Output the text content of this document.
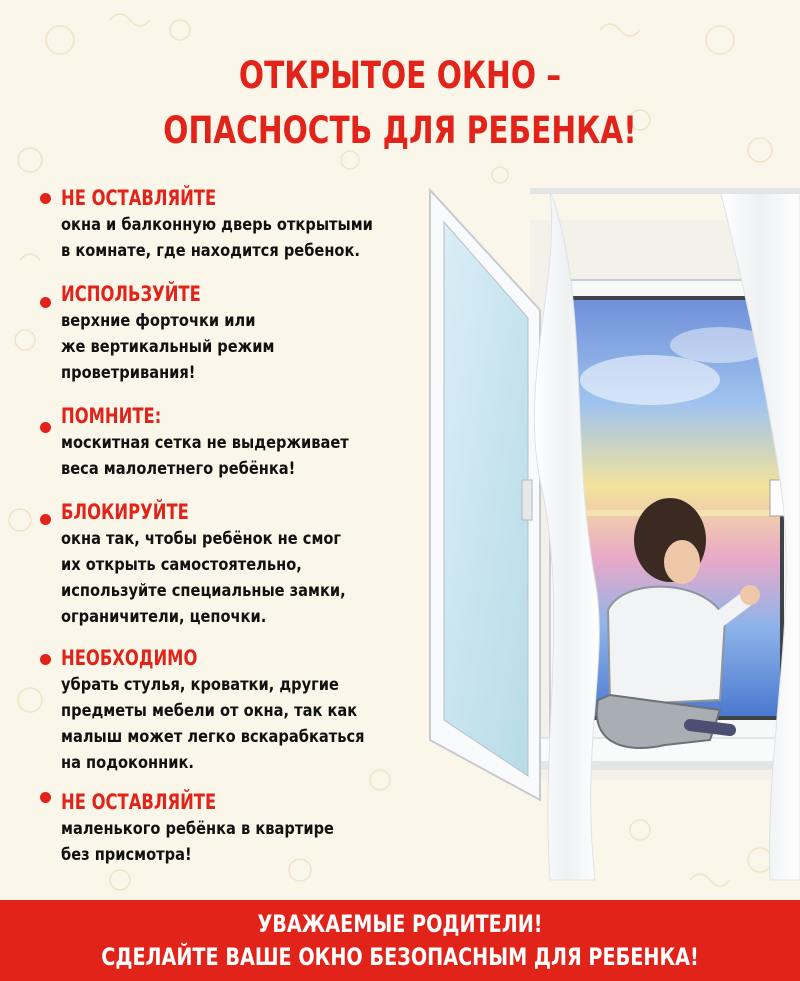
ОТКРЫТОЕ ОКНО –
ОПАСНОСТЬ ДЛЯ РЕБЕНКА!
НЕ ОСТАВЛЯЙТЕ
окна и балконную дверь открытыми
в комнате, где находится ребенок.
ИСПОЛЬЗУЙТЕ
верхние форточки или
же вертикальный режим
проветривания!
ПОМНИТЕ:
москитная сетка не выдерживает
веса малолетнего ребёнка!
БЛОКИРУЙТЕ
окна так, чтобы ребёнок не смог
их открыть самостоятельно,
используйте специальные замки,
ограничители, цепочки.
НЕОБХОДИМО
убрать стулья, кроватки, другие
предметы мебели от окна, так как
малыш может легко вскарабкаться
на подоконник.
НЕ ОСТАВЛЯЙТЕ
маленького ребёнка в квартире
без присмотра!
УВАЖАЕМЫЕ РОДИТЕЛИ!
СДЕЛАЙТЕ ВАШЕ ОКНО БЕЗОПАСНЫМ ДЛЯ РЕБЕНКА!
